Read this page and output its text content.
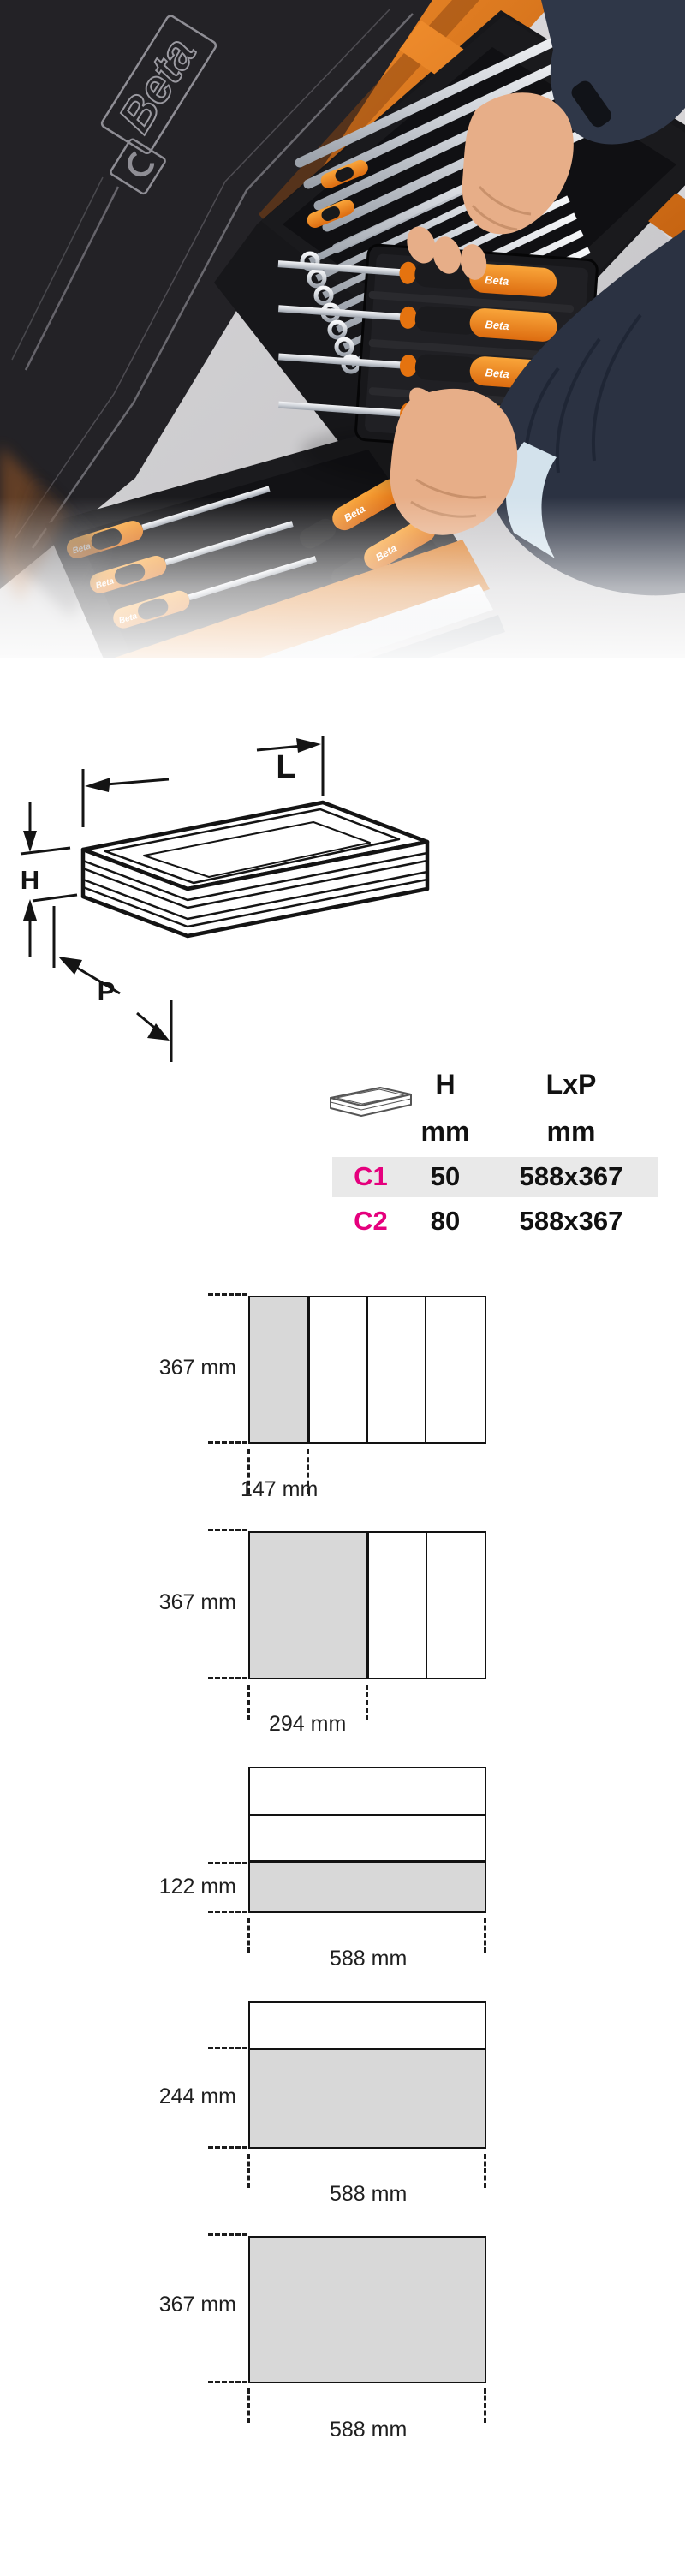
Beta
Beta
Beta
Beta
L
H
P
H
mm
LxP
mm
C1	50	588x367
C2	80	588x367
367 mm
147 mm
367 mm
294 mm
122 mm
588 mm
244 mm
588 mm
367 mm
588 mm
